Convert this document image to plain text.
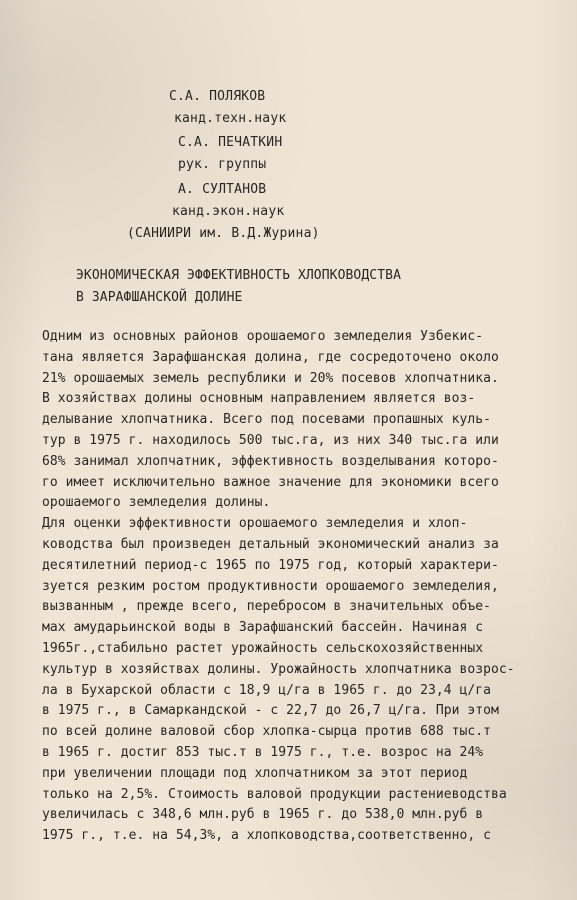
С.А. ПОЛЯКОВ
канд.техн.наук
С.А. ПЕЧАТКИН
рук. группы
А. СУЛТАНОВ
канд.экон.наук
(САНИИРИ им. В.Д.Журина)
ЭКОНОМИЧЕСКАЯ ЭФФЕКТИВНОСТЬ ХЛОПКОВОДСТВА
В ЗАРАФШАНСКОЙ ДОЛИНЕ
Одним из основных районов орошаемого земледелия Узбекис-
тана является Зарафшанская долина, где сосредоточено около
21% орошаемых земель республики и 20% посевов хлопчатника.
В хозяйствах долины основным направлением является воз-
делывание хлопчатника. Всего под посевами пропашных куль-
тур в 1975 г. находилось 500 тыс.га, из них 340 тыс.га или
68% занимал хлопчатник, эффективность возделывания которо-
го имеет исключительно важное значение для экономики всего
орошаемого земледелия долины.
Для оценки эффективности орошаемого земледелия и хлоп-
ководства был произведен детальный экономический анализ за
десятилетний период-с 1965 по 1975 год, который характери-
зуется резким ростом продуктивности орошаемого земледелия,
вызванным , прежде всего, перебросом в значительных объе-
мах амударьинской воды в Зарафшанский бассейн. Начиная с
1965г.,стабильно растет урожайность сельскохозяйственных
культур в хозяйствах долины. Урожайность хлопчатника возрос-
ла в Бухарской области с 18,9 ц/га в 1965 г. до 23,4 ц/га
в 1975 г., в Самаркандской - с 22,7 до 26,7 ц/га. При этом
по всей долине валовой сбор хлопка-сырца против 688 тыс.т
в 1965 г. достиг 853 тыс.т в 1975 г., т.е. возрос на 24%
при увеличении площади под хлопчатником за этот период
только на 2,5%. Стоимость валовой продукции растениеводства
увеличилась с 348,6 млн.руб в 1965 г. до 538,0 млн.руб в
1975 г., т.е. на 54,3%, а хлопководства,соответственно, с
